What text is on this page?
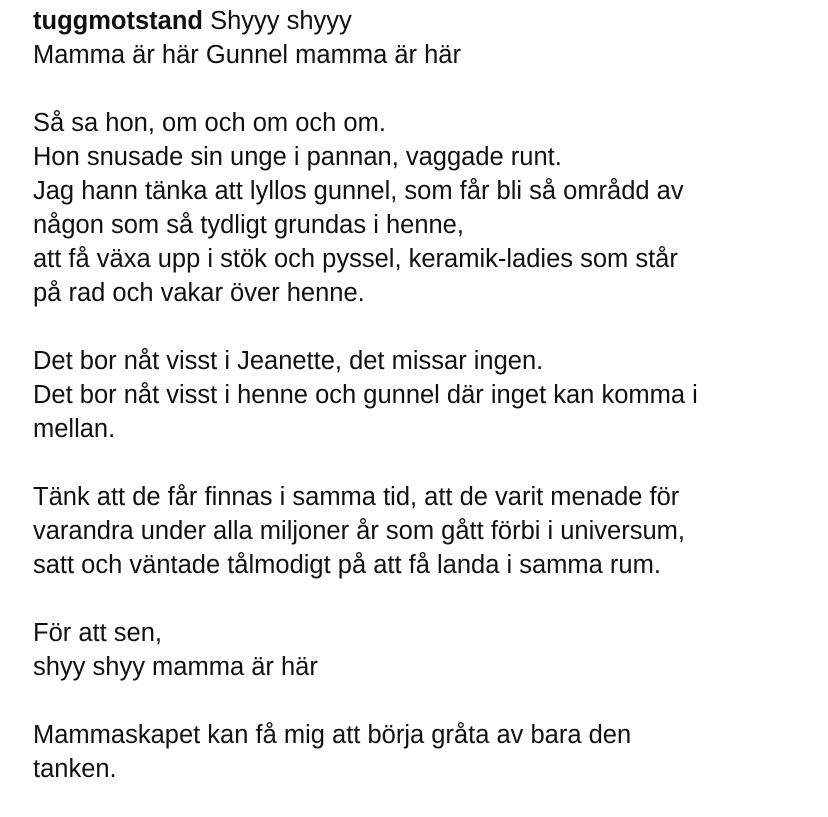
tuggmotstand Shyyy shyyy
Mamma är här Gunnel mamma är här
Så sa hon, om och om och om.
Hon snusade sin unge i pannan, vaggade runt.
Jag hann tänka att lyllos gunnel, som får bli så områdd av
någon som så tydligt grundas i henne,
att få växa upp i stök och pyssel, keramik-ladies som står
på rad och vakar över henne.
Det bor nåt visst i Jeanette, det missar ingen.
Det bor nåt visst i henne och gunnel där inget kan komma i
mellan.
Tänk att de får finnas i samma tid, att de varit menade för
varandra under alla miljoner år som gått förbi i universum,
satt och väntade tålmodigt på att få landa i samma rum.
För att sen,
shyy shyy mamma är här
Mammaskapet kan få mig att börja gråta av bara den
tanken.
